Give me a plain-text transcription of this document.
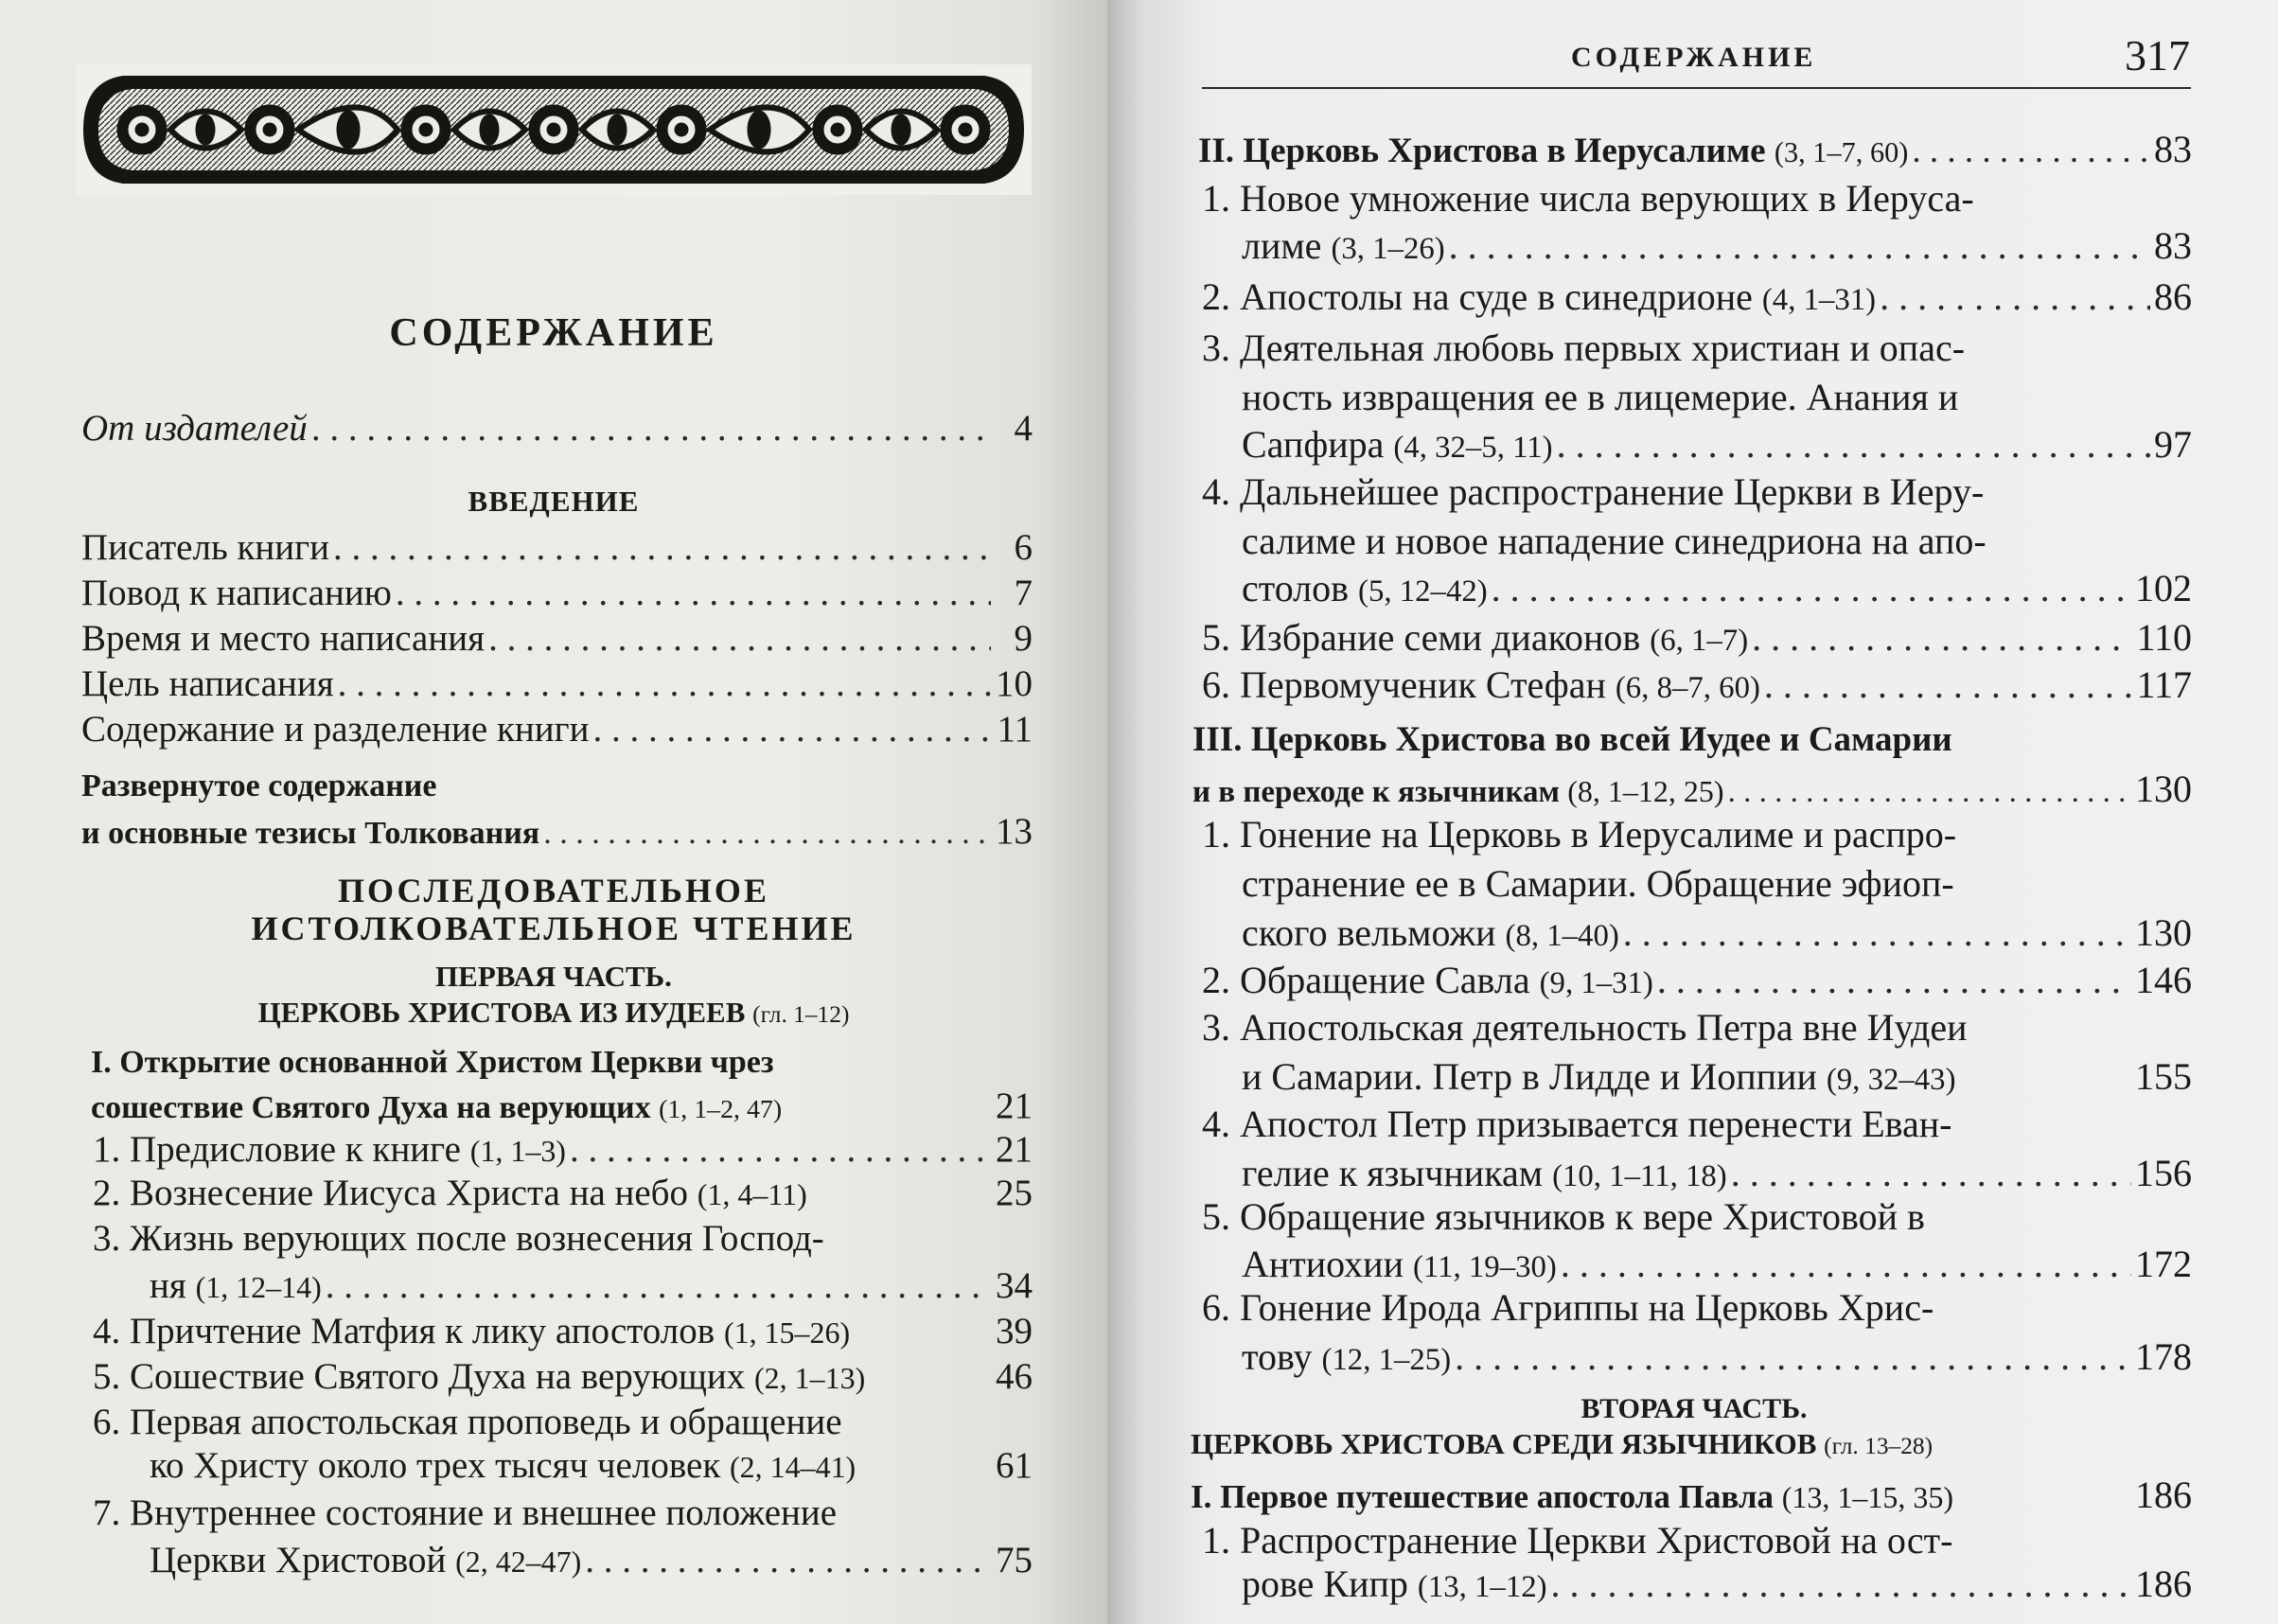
СОДЕРЖАНИЕ
От издателей . . .	4
ВВЕДЕНИЕ
Писатель книги . . .	6
Повод к написанию . . .	7
Время и место написания . . .	9
Цель написания . . .	10
Содержание и разделение книги . . .	11
Развернутое содержание
и основные тезисы Толкования . . .	13
ПОСЛЕДОВАТЕЛЬНОЕ
ИСТОЛКОВАТЕЛЬНОЕ ЧТЕНИЕ
ПЕРВАЯ ЧАСТЬ.
ЦЕРКОВЬ ХРИСТОВА ИЗ ИУДЕЕВ (гл. 1–12)
I. Открытие основанной Христом Церкви чрез
сошествие Святого Духа на верующих
(1, 1–2, 47)	21
1. Предисловие к книге
(1, 1–3) . . .	21
2. Вознесение Иисуса Христа на небо
(1, 4–11)	25
3. Жизнь верующих после вознесения Господ-
ня
(1, 12–14) . . .	34
4. Причтение Матфия к лику апостолов
(1, 15–26)	39
5. Сошествие Святого Духа на верующих
(2, 1–13)	46
6. Первая апостольская проповедь и обращение
ко Христу около трех тысяч человек
(2, 14–41)	61
7. Внутреннее состояние и внешнее положение
Церкви Христовой
(2, 42–47) . . .	75
СОДЕРЖАНИЕ	317
II. Церковь Христова в Иерусалиме
(3, 1–7, 60) . . .	83
1. Новое умножение числа верующих в Иеруса-
лиме
(3, 1–26) . . .	83
2. Апостолы на суде в синедрионе
(4, 1–31) . . .	86
3. Деятельная любовь первых христиан и опас-
ность извращения ее в лицемерие. Анания и
Сапфира
(4, 32–5, 11) . . .	97
4. Дальнейшее распространение Церкви в Иеру-
салиме и новое нападение синедриона на апо-
столов
(5, 12–42) . . .	102
5. Избрание семи диаконов
(6, 1–7) . . .	110
6. Первомученик Стефан
(6, 8–7, 60) . . .	117
III. Церковь Христова во всей Иудее и Самарии
и в переходе к язычникам
(8, 1–12, 25) . . .	130
1. Гонение на Церковь в Иерусалиме и распро-
странение ее в Самарии. Обращение эфиоп-
ского вельможи
(8, 1–40) . . .	130
2. Обращение Савла
(9, 1–31) . . .	146
3. Апостольская деятельность Петра вне Иудеи
и Самарии. Петр в Лидде и Иоппии
(9, 32–43)	155
4. Апостол Петр призывается перенести Еван-
гелие к язычникам
(10, 1–11, 18) . . .	156
5. Обращение язычников к вере Христовой в
Антиохии
(11, 19–30) . . .	172
6. Гонение Ирода Агриппы на Церковь Хрис-
тову
(12, 1–25) . . .	178
ВТОРАЯ ЧАСТЬ.
ЦЕРКОВЬ ХРИСТОВА СРЕДИ ЯЗЫЧНИКОВ (гл. 13–28)
I. Первое путешествие апостола Павла
(13, 1–15, 35)	186
1. Распространение Церкви Христовой на ост-
рове Кипр
(13, 1–12) . . .	186
